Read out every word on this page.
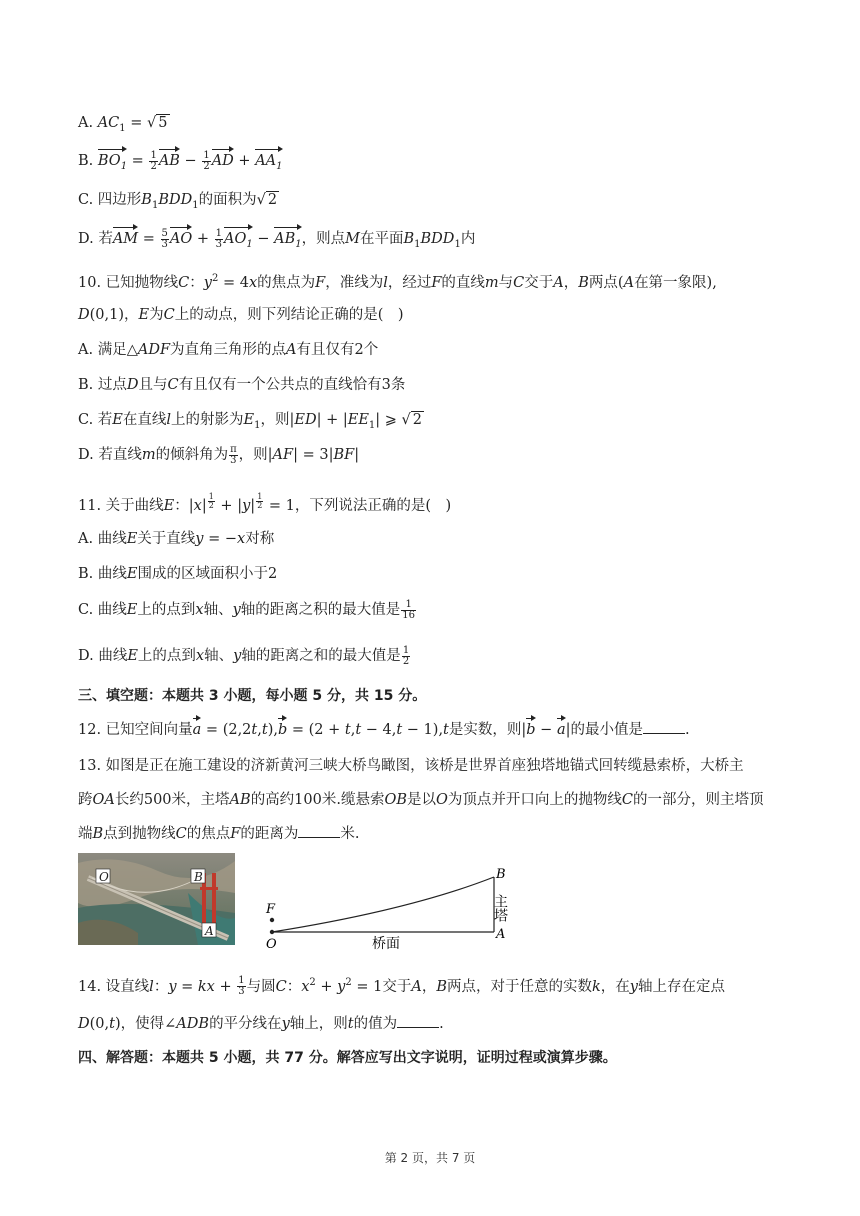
A. $AC_1$ = √ 5
B. $BO_1 = \frac{1}{2}$ AB − $\frac{1}{2}$ AD + $AA_1$
C. 四边形$B_1BDD_1$的面积为√ 2
D. 若AM = $\frac{5}{3}$ AO + $\frac{1}{3} AO_1 - AB_1$，则点M在平面$B_1BDD_1$内
10. 已知抛物线C：$y^2 = 4x$的焦点为F，准线为l，经过F的直线m与C交于A，B两点(A在第一象限),
D(0,1)，E为C上的动点，则下列结论正确的是( )
A. 满足△ADF为直角三角形的点A有且仅有2个
B. 过点D且与C有且仅有一个公共点的直线恰有3条
C. 若E在直线l上的射影为$E_1$，则$|ED| + |EE_1|$ ⩾ √ 2
D. 若直线m的倾斜角为 $\frac{\pi}{3}$ ，则|AF| = 3|BF|
11. 关于曲线E：|x| $^{\frac{1}{2}}$ + |y| $^{\frac{1}{2}}$ = 1，下列说法正确的是( )
A. 曲线E关于直线y = −x对称
B. 曲线E围成的区域面积小于2
C. 曲线E上的点到x轴、y轴的距离之积的最大值是 $\frac{1}{16}$
D. 曲线E上的点到x轴、y轴的距离之和的最大值是 $\frac{1}{2}$
三、填空题：本题共 3 小题，每小题 5 分，共 15 分。
12. 已知空间向量a = (2,2t,t),b = (2 + t,t − 4,t − 1),t是实数，则|b − a|的最小值是	.
13. 如图是正在施工建设的济新黄河三峡大桥鸟瞰图，该桥是世界首座独塔地锚式回转缆悬索桥，大桥主
跨OA长约500米，主塔AB的高约100米.缆悬索OB是以O为顶点并开口向上的抛物线C的一部分，则主塔顶
端B点到抛物线C的焦点F的距离为	米.
O	B
A
F
O
B
A
主塔
桥面
14. 设直线l：y = kx + $\frac{1}{3}$ 与圆C：$x^2 + y^2 = 1$交于A，B两点，对于任意的实数k，在y轴上存在定点
D(0,t)，使得∠ADB的平分线在y轴上，则t的值为	.
四、解答题：本题共 5 小题，共 77 分。解答应写出文字说明，证明过程或演算步骤。
第 2 页，共 7 页
